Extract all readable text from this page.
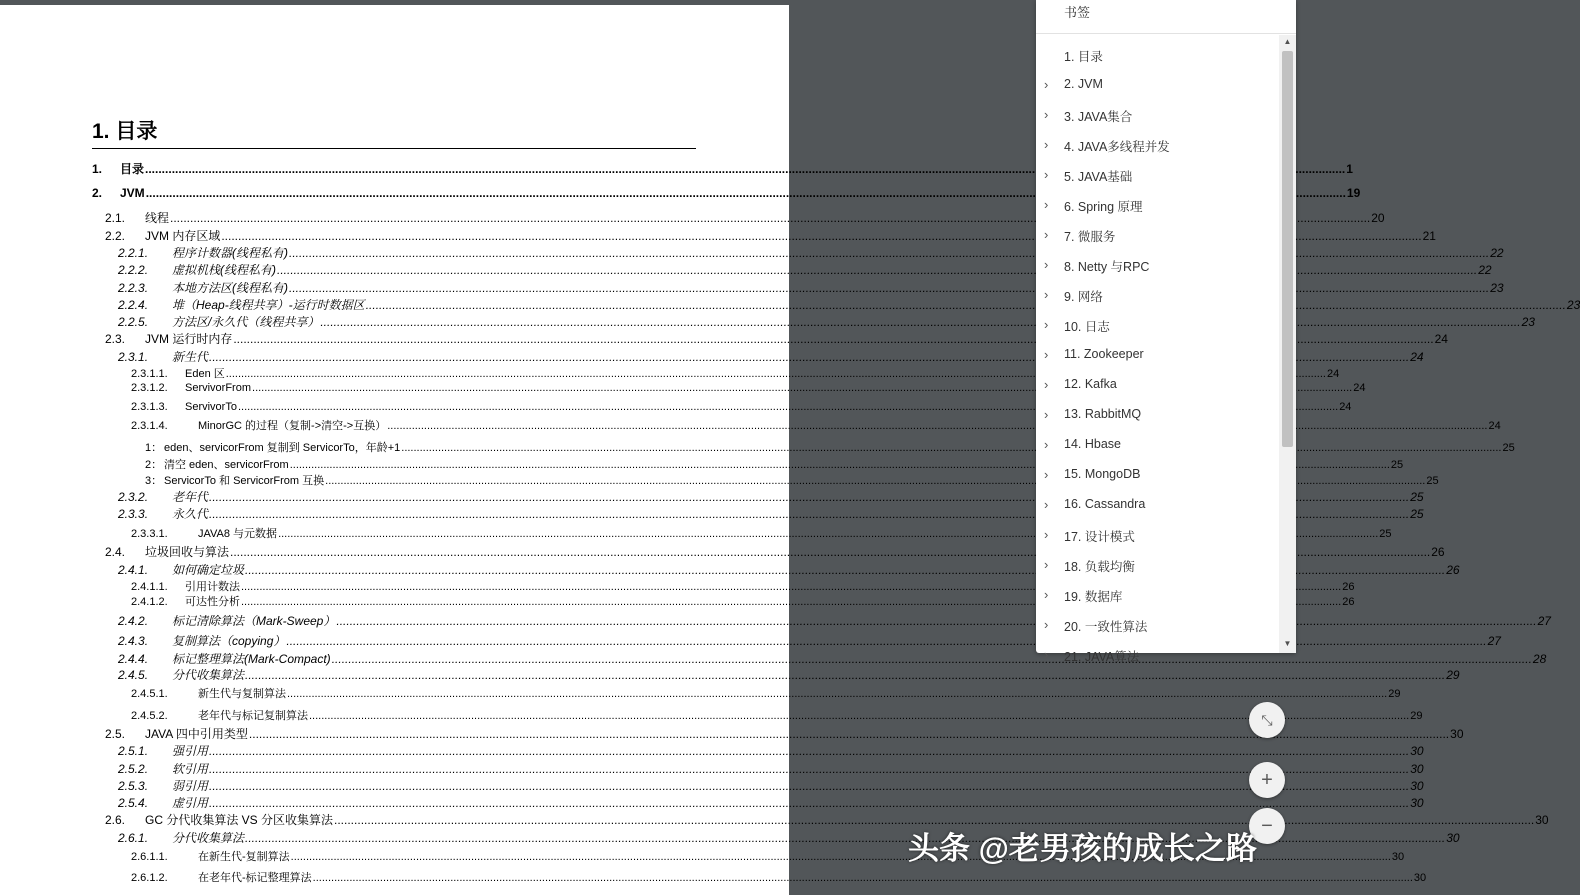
1. 目录
1.	目录 .....	1
2.	JVM .....	19
2.1.	线程 .....	20
2.2.	JVM 内存区域 .....	21
2.2.1.	程序计数器(线程私有) .....	22
2.2.2.	虚拟机栈(线程私有) .....	22
2.2.3.	本地方法区(线程私有) .....	23
2.2.4.	堆（Heap-线程共享）-运行时数据区 .....	23
2.2.5.	方法区/永久代（线程共享） .....	23
2.3.	JVM 运行时内存 .....	24
2.3.1.	新生代 .....	24
2.3.1.1.	Eden 区 .....	24
2.3.1.2.	ServivorFrom .....	24
2.3.1.3.	ServivorTo .....	24
2.3.1.4.	MinorGC 的过程（复制->清空->互换） .....	24
1： eden、servicorFrom 复制到 ServicorTo，年龄+1 .....	25
2： 清空 eden、servicorFrom .....	25
3： ServicorTo 和 ServicorFrom 互换 .....	25
2.3.2.	老年代 .....	25
2.3.3.	永久代 .....	25
2.3.3.1.	JAVA8 与元数据 .....	25
2.4.	垃圾回收与算法 .....	26
2.4.1.	如何确定垃圾 .....	26
2.4.1.1.	引用计数法 .....	26
2.4.1.2.	可达性分析 .....	26
2.4.2.	标记清除算法（Mark-Sweep） .....	27
2.4.3.	复制算法（copying） .....	27
2.4.4.	标记整理算法(Mark-Compact) .....	28
2.4.5.	分代收集算法 .....	29
2.4.5.1.	新生代与复制算法 .....	29
2.4.5.2.	老年代与标记复制算法 .....	29
2.5.	JAVA 四中引用类型 .....	30
2.5.1.	强引用 .....	30
2.5.2.	软引用 .....	30
2.5.3.	弱引用 .....	30
2.5.4.	虚引用 .....	30
2.6.	GC 分代收集算法 VS 分区收集算法 .....	30
2.6.1.	分代收集算法 .....	30
2.6.1.1.	在新生代-复制算法 .....	30
2.6.1.2.	在老年代-标记整理算法 .....	30
书签
1. 目录
›	2. JVM
›	3. JAVA集合
›	4. JAVA多线程并发
›	5. JAVA基础
›	6. Spring 原理
›	7. 微服务
›	8. Netty 与RPC
›	9. 网络
›	10. 日志
›	11. Zookeeper
›	12. Kafka
›	13. RabbitMQ
›	14. Hbase
›	15. MongoDB
›	16. Cassandra
›	17. 设计模式
›	18. 负载均衡
›	19. 数据库
›	20. 一致性算法
›	21. JAVA算法
▲
▼
⤡
+
−
头条 @老男孩的成长之路
